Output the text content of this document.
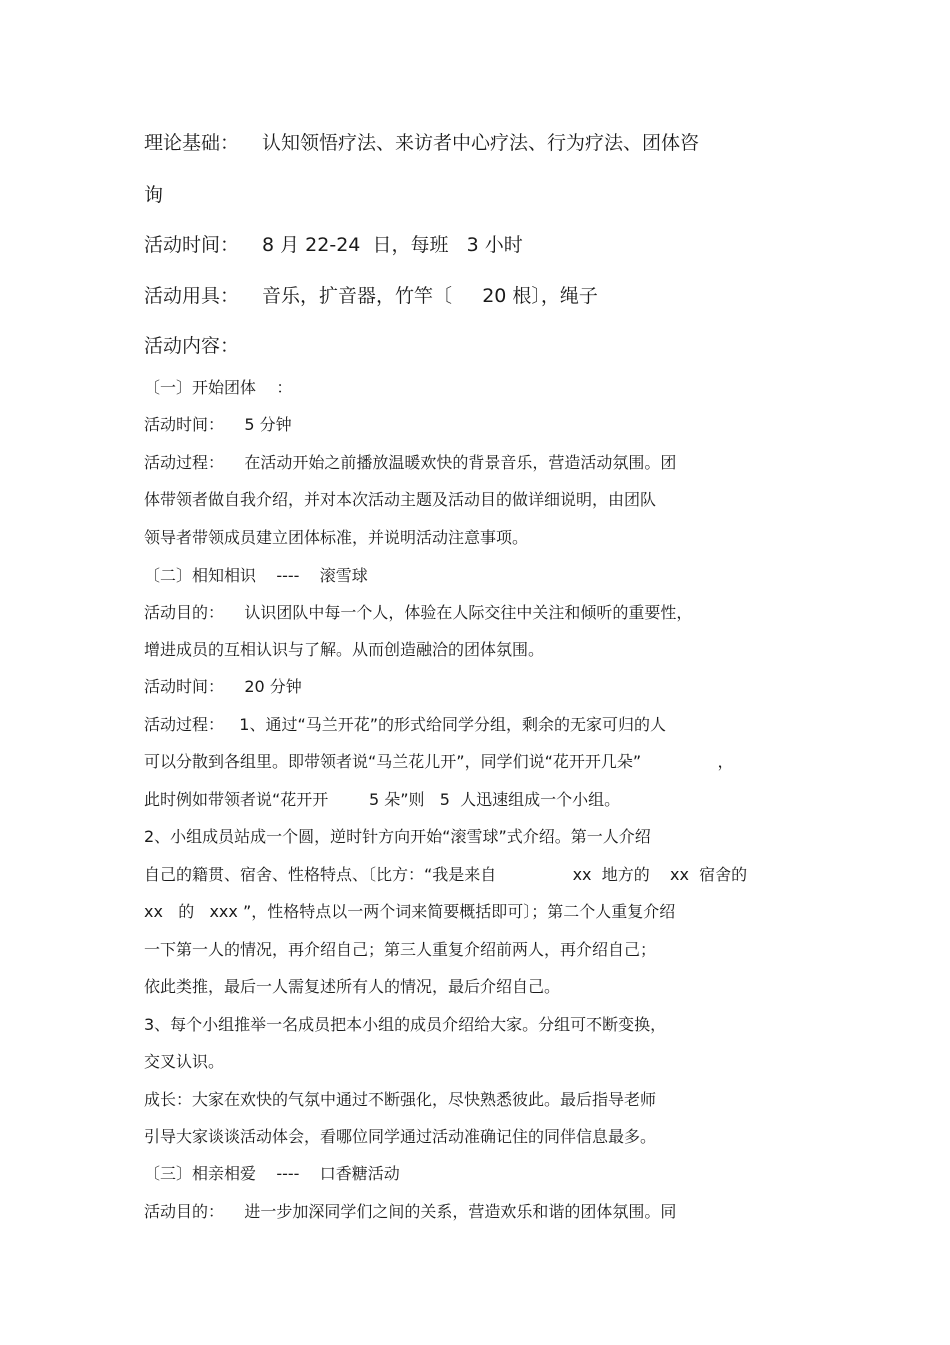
理论基础： 认知领悟疗法、来访者中心疗法、行为疗法、团体咨
询
活动时间： 8 月 22-24  日，每班   3 小时
活动用具： 音乐，扩音器，竹竿〔     20 根〕，绳子
活动内容：
〔一〕开始团体    ：
活动时间：    5 分钟
活动过程：    在活动开始之前播放温暖欢快的背景音乐，营造活动氛围。团
体带领者做自我介绍，并对本次活动主题及活动目的做详细说明，由团队
领导者带领成员建立团体标准，并说明活动注意事项。
〔二〕相知相识    ----    滚雪球
活动目的：    认识团队中每一个人，体验在人际交往中关注和倾听的重要性，
增进成员的互相认识与了解。从而创造融洽的团体氛围。
活动时间：    20 分钟
活动过程：   1、通过“马兰开花”的形式给同学分组，剩余的无家可归的人
可以分散到各组里。即带领者说“马兰花儿开”，同学们说“花开开几朵”               ，
此时例如带领者说“花开开        5 朵”则   5  人迅速组成一个小组。
2、小组成员站成一个圆，逆时针方向开始“滚雪球”式介绍。第一人介绍
自己的籍贯、宿舍、性格特点、〔比方：“我是来自               xx  地方的    xx  宿舍的
xx   的   xxx ”，性格特点以一两个词来简要概括即可〕；第二个人重复介绍
一下第一人的情况，再介绍自己；第三人重复介绍前两人，再介绍自己；
依此类推，最后一人需复述所有人的情况，最后介绍自己。
3、每个小组推举一名成员把本小组的成员介绍给大家。分组可不断变换，
交叉认识。
成长：大家在欢快的气氛中通过不断强化，尽快熟悉彼此。最后指导老师
引导大家谈谈活动体会，看哪位同学通过活动准确记住的同伴信息最多。
〔三〕相亲相爱    ----    口香糖活动
活动目的：    进一步加深同学们之间的关系，营造欢乐和谐的团体氛围。同
